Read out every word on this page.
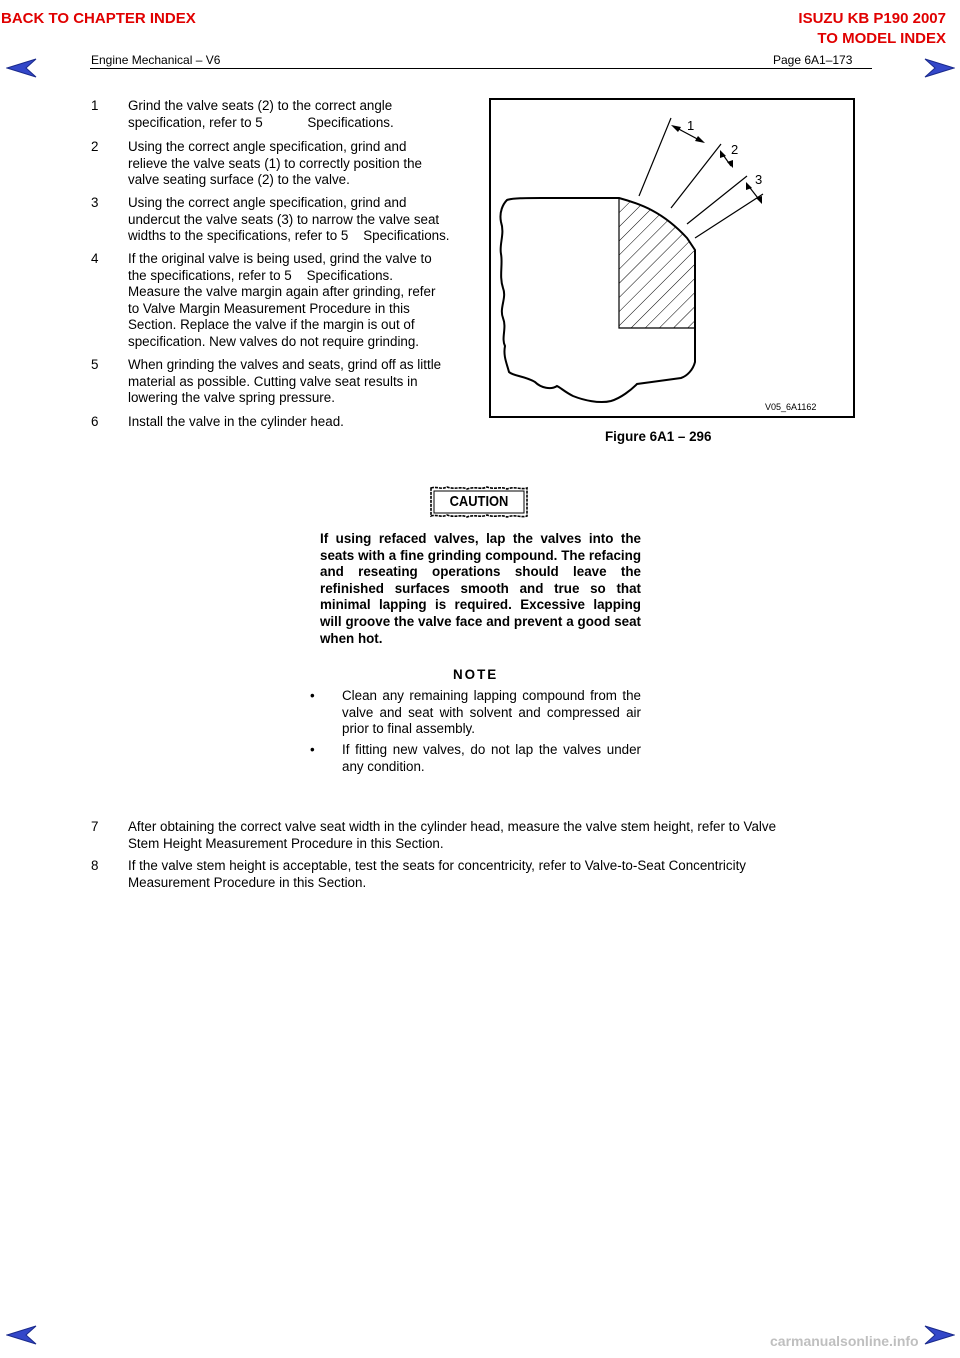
BACK TO CHAPTER INDEX	ISUZU KB P190 2007
TO MODEL INDEX
Engine Mechanical – V6	Page 6A1–173
1 Grind the valve seats (2) to the correct angle
specification, refer to 5            Specifications.
2 Using the correct angle specification, grind and
relieve the valve seats (1) to correctly position the
valve seating surface (2) to the valve.
3 Using the correct angle specification, grind and
undercut the valve seats (3) to narrow the valve seat
widths to the specifications, refer to 5    Specifications.
4 If the original valve is being used, grind the valve to
the specifications, refer to 5    Specifications.
Measure the valve margin again after grinding, refer
to Valve Margin Measurement Procedure in this
Section. Replace the valve if the margin is out of
specification. New valves do not require grinding.
5 When grinding the valves and seats, grind off as little
material as possible. Cutting valve seat results in
lowering the valve spring pressure.
6 Install the valve in the cylinder head.
1
2
3
V05_6A1162
Figure 6A1 – 296
CAUTION
If using refaced valves, lap the valves into the seats with a fine grinding compound. The refacing and reseating operations should leave the refinished surfaces smooth and true so that minimal lapping is required. Excessive lapping will groove the valve face and prevent a good seat when hot.
NOTE
• Clean any remaining lapping compound from the valve and seat with solvent and compressed air prior to final assembly.
• If fitting new valves, do not lap the valves under any condition.
7 After obtaining the correct valve seat width in the cylinder head, measure the valve stem height, refer to Valve
Stem Height Measurement Procedure in this Section.
8 If the valve stem height is acceptable, test the seats for concentricity, refer to Valve-to-Seat Concentricity
Measurement Procedure in this Section.
carmanualsonline.info
